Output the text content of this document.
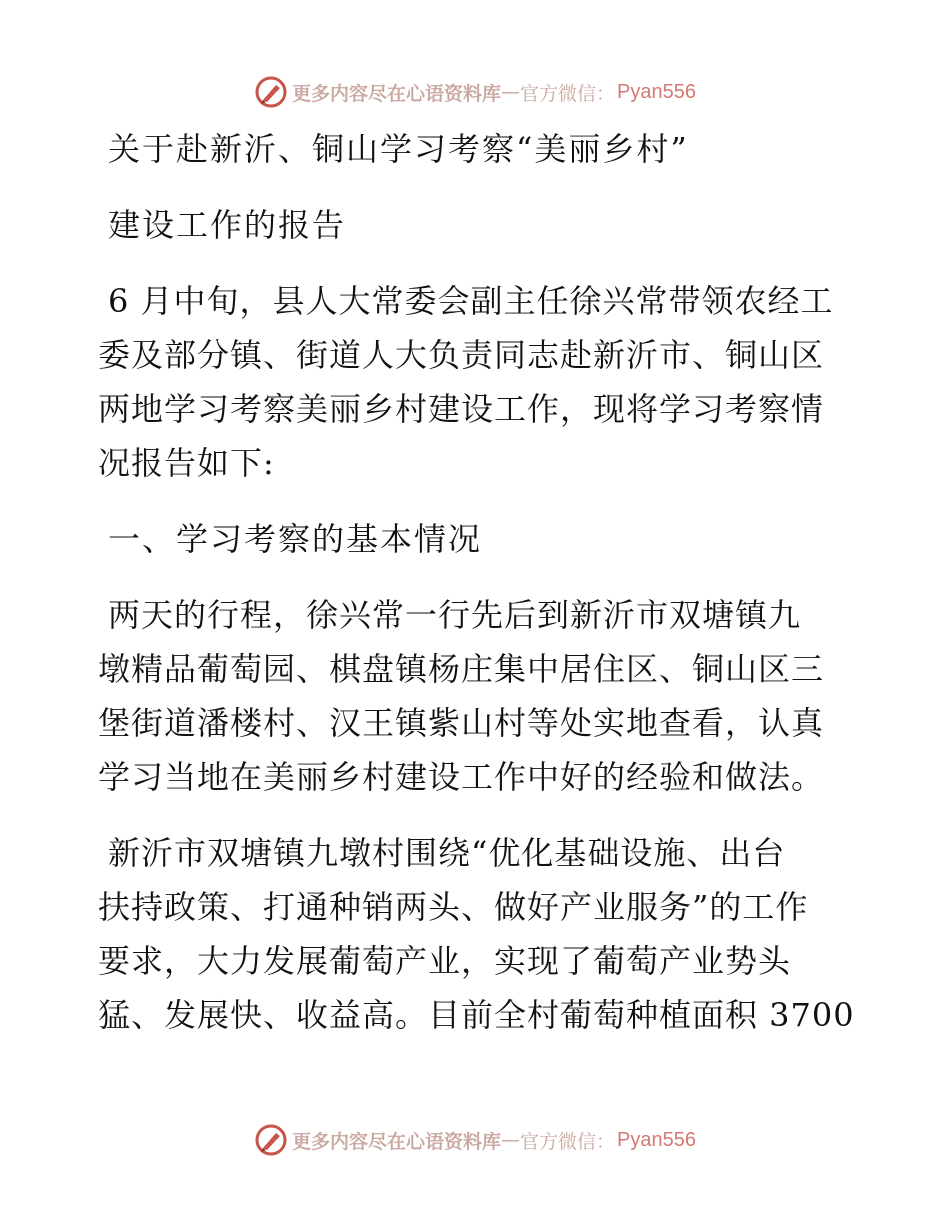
更多内容尽在心语资料库 — 官方微信： Pyan556
关于赴新沂、铜山学习考察“美丽乡村”
建设工作的报告
6 月中旬，县人大常委会副主任徐兴常带领农经工
委及部分镇、街道人大负责同志赴新沂市、铜山区
两地学习考察美丽乡村建设工作，现将学习考察情
况报告如下:
一、学习考察的基本情况
两天的行程，徐兴常一行先后到新沂市双塘镇九
墩精品葡萄园、棋盘镇杨庄集中居住区、铜山区三
堡街道潘楼村、汉王镇紫山村等处实地查看，认真
学习当地在美丽乡村建设工作中好的经验和做法。
新沂市双塘镇九墩村围绕“优化基础设施、出台
扶持政策、打通种销两头、做好产业服务”的工作
要求，大力发展葡萄产业，实现了葡萄产业势头
猛、发展快、收益高。目前全村葡萄种植面积 3700
更多内容尽在心语资料库 — 官方微信： Pyan556
